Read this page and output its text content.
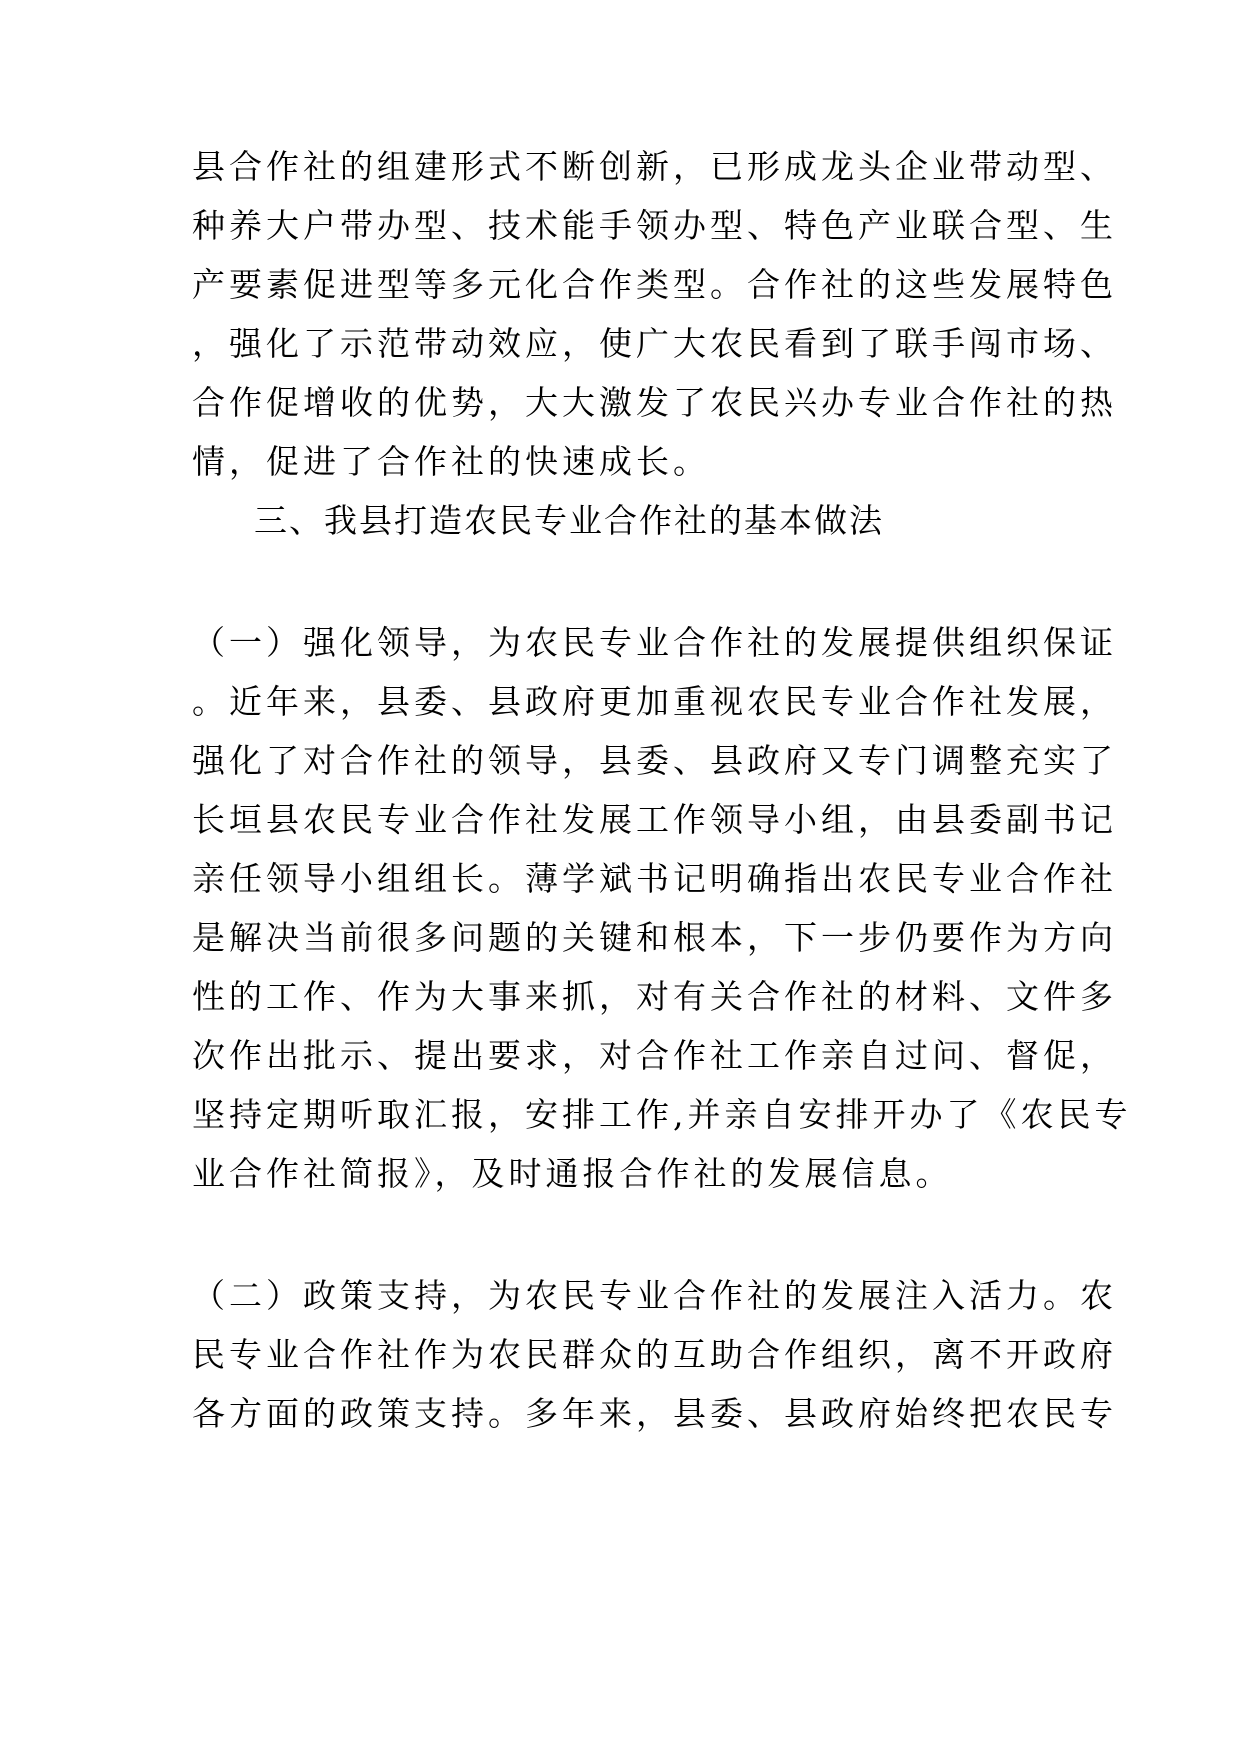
县合作社的组建形式不断创新，已形成龙头企业带动型、

种养大户带办型、技术能手领办型、特色产业联合型、生

产要素促进型等多元化合作类型。合作社的这些发展特色

，强化了示范带动效应，使广大农民看到了联手闯市场、

合作促增收的优势，大大激发了农民兴办专业合作社的热

情，促进了合作社的快速成长。

三、我县打造农民专业合作社的基本做法

（一）强化领导，为农民专业合作社的发展提供组织保证

。近年来，县委、县政府更加重视农民专业合作社发展，

强化了对合作社的领导，县委、县政府又专门调整充实了

长垣县农民专业合作社发展工作领导小组，由县委副书记

亲任领导小组组长。薄学斌书记明确指出农民专业合作社

是解决当前很多问题的关键和根本，下一步仍要作为方向

性的工作、作为大事来抓，对有关合作社的材料、文件多

次作出批示、提出要求，对合作社工作亲自过问、督促，

坚持定期听取汇报，安排工作,并亲自安排开办了《农民专

业合作社简报》，及时通报合作社的发展信息。

（二）政策支持，为农民专业合作社的发展注入活力。农

民专业合作社作为农民群众的互助合作组织，离不开政府

各方面的政策支持。多年来，县委、县政府始终把农民专
